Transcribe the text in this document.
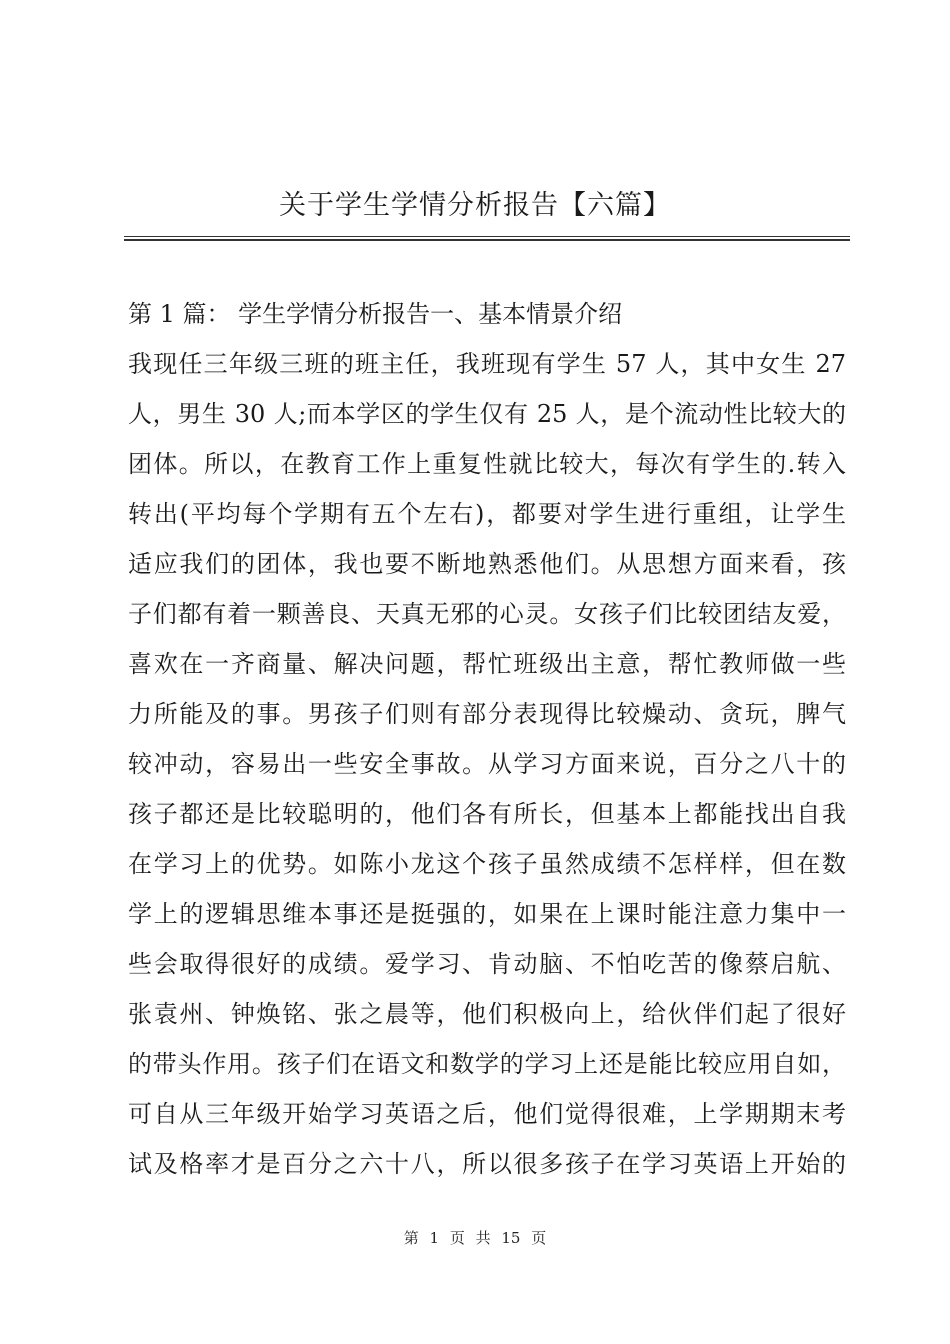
关于学生学情分析报告【六篇】
第 1 篇： 学生学情分析报告一、基本情景介绍
我现任三年级三班的班主任，我班现有学生 57 人，其中女生 27
人，男生 30 人;而本学区的学生仅有 25 人，是个流动性比较大的
团体。所以，在教育工作上重复性就比较大，每次有学生的.转入
转出(平均每个学期有五个左右)，都要对学生进行重组，让学生
适应我们的团体，我也要不断地熟悉他们。从思想方面来看，孩
子们都有着一颗善良、天真无邪的心灵。女孩子们比较团结友爱，
喜欢在一齐商量、解决问题，帮忙班级出主意，帮忙教师做一些
力所能及的事。男孩子们则有部分表现得比较燥动、贪玩，脾气
较冲动，容易出一些安全事故。从学习方面来说，百分之八十的
孩子都还是比较聪明的，他们各有所长，但基本上都能找出自我
在学习上的优势。如陈小龙这个孩子虽然成绩不怎样样，但在数
学上的逻辑思维本事还是挺强的，如果在上课时能注意力集中一
些会取得很好的成绩。爱学习、肯动脑、不怕吃苦的像蔡启航、
张袁州、钟焕铭、张之晨等，他们积极向上，给伙伴们起了很好
的带头作用。孩子们在语文和数学的学习上还是能比较应用自如，
可自从三年级开始学习英语之后，他们觉得很难，上学期期末考
试及格率才是百分之六十八，所以很多孩子在学习英语上开始的
第 1 页 共 15 页
